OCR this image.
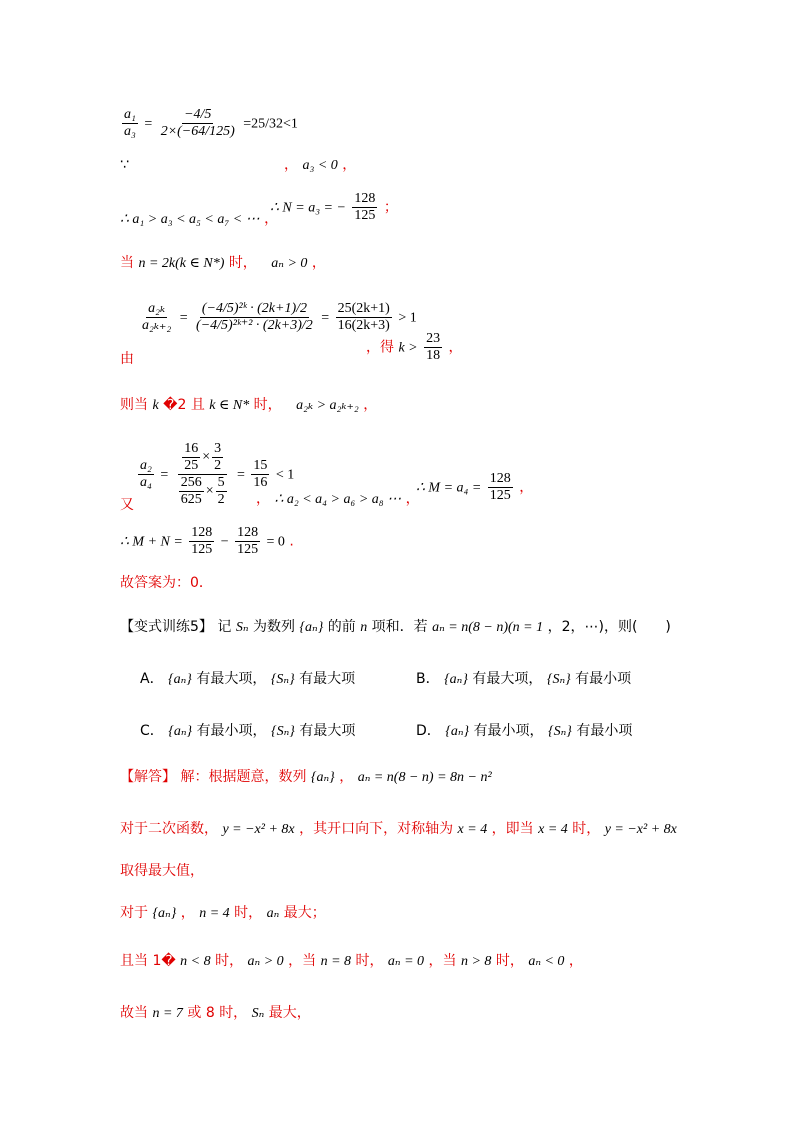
$\frac{\text{a₁}}{\text{a₃}} = \frac{-4/5}{2\times(-64/125)} =25/32<1$
∵	， a₃ < 0 ，
∴ a₁ > a₃ < a₅ < a₇ < ⋯ ，
∴ N = a₃ = − $\frac{128}{125}$ ；
当 n = 2k(k ∈ N*) 时， aₙ > 0 ，
$\frac{\text{a₂ₖ}}{\text{a₂ₖ₊₂}} = \frac{\text{(−4/5)²ᵏ · (2k+1)/2}}{\text{(−4/5)²ᵏ⁺² · (2k+3)/2}} = \frac{25(2k+1)}{16(2k+3)} > 1$
由
，得 $k > \frac{23}{18}$ ，
则当 k �2 且 k ∈ N* 时， a₂ₖ > a₂ₖ₊₂ ，
$\frac{\text{a₂}}{\text{a₄}} = \frac{\frac{16}{25} \times \frac{3}{2}}{\frac{256}{625} \times \frac{5}{2}} = \frac{15}{16} < 1$
又	， ∴ a₂ < a₄ > a₆ > a₈ ⋯ ，
∴ $M = a_4 = \frac{128}{125}$ ，
∴ $M + N = \frac{128}{125} - \frac{128}{125} = 0$ .
故答案为：0．
【变式训练5】 记 Sₙ 为数列 {aₙ} 的前 n 项和．若 aₙ = n(8 − n)(n = 1 ，2，⋯)，则(　　)
A． {aₙ} 有最大项， {Sₙ} 有最大项	B． {aₙ} 有最大项， {Sₙ} 有最小项
C． {aₙ} 有最小项， {Sₙ} 有最大项	D． {aₙ} 有最小项， {Sₙ} 有最小项
【解答】 解：根据题意，数列 {aₙ} ， aₙ = n(8 − n) = 8n − n²
对于二次函数， y = −x² + 8x ，其开口向下，对称轴为 x = 4 ，即当 x = 4 时， y = −x² + 8x
取得最大值，
对于 {aₙ} ， n = 4 时， aₙ 最大；
且当 1� n < 8 时， aₙ > 0 ，当 n = 8 时， aₙ = 0 ，当 n > 8 时， aₙ < 0 ，
故当 n = 7 或 8 时， Sₙ 最大，
